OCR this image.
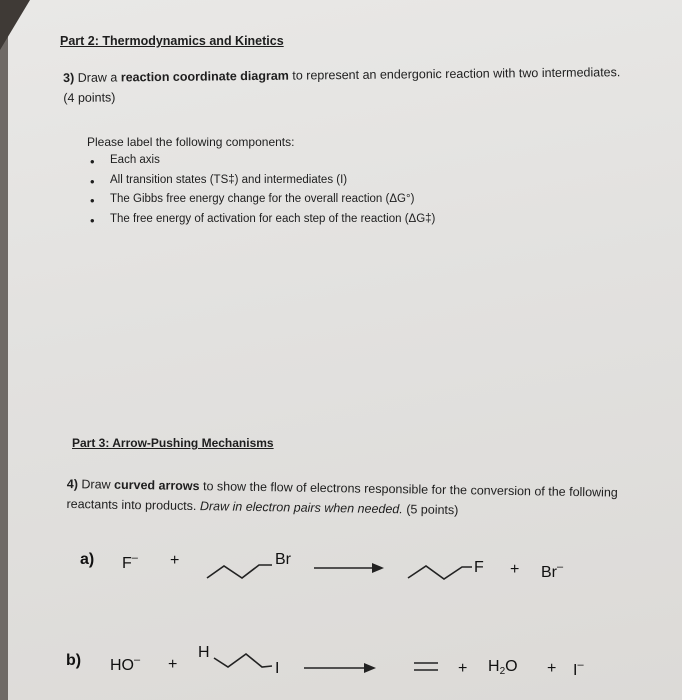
Part 2: Thermodynamics and Kinetics
3) Draw a reaction coordinate diagram to represent an endergonic reaction with two intermediates. (4 points)
Please label the following components:
• Each axis
• All transition states (TS‡) and intermediates (I)
• The Gibbs free energy change for the overall reaction (ΔG°)
• The free energy of activation for each step of the reaction (ΔG‡)
Part 3: Arrow-Pushing Mechanisms
4) Draw curved arrows to show the flow of electrons responsible for the conversion of the following reactants into products. Draw in electron pairs when needed. (5 points)
a) F– +	Br	F + Br–
b) HO– +
H
I	+ $H_2O + I^-$
